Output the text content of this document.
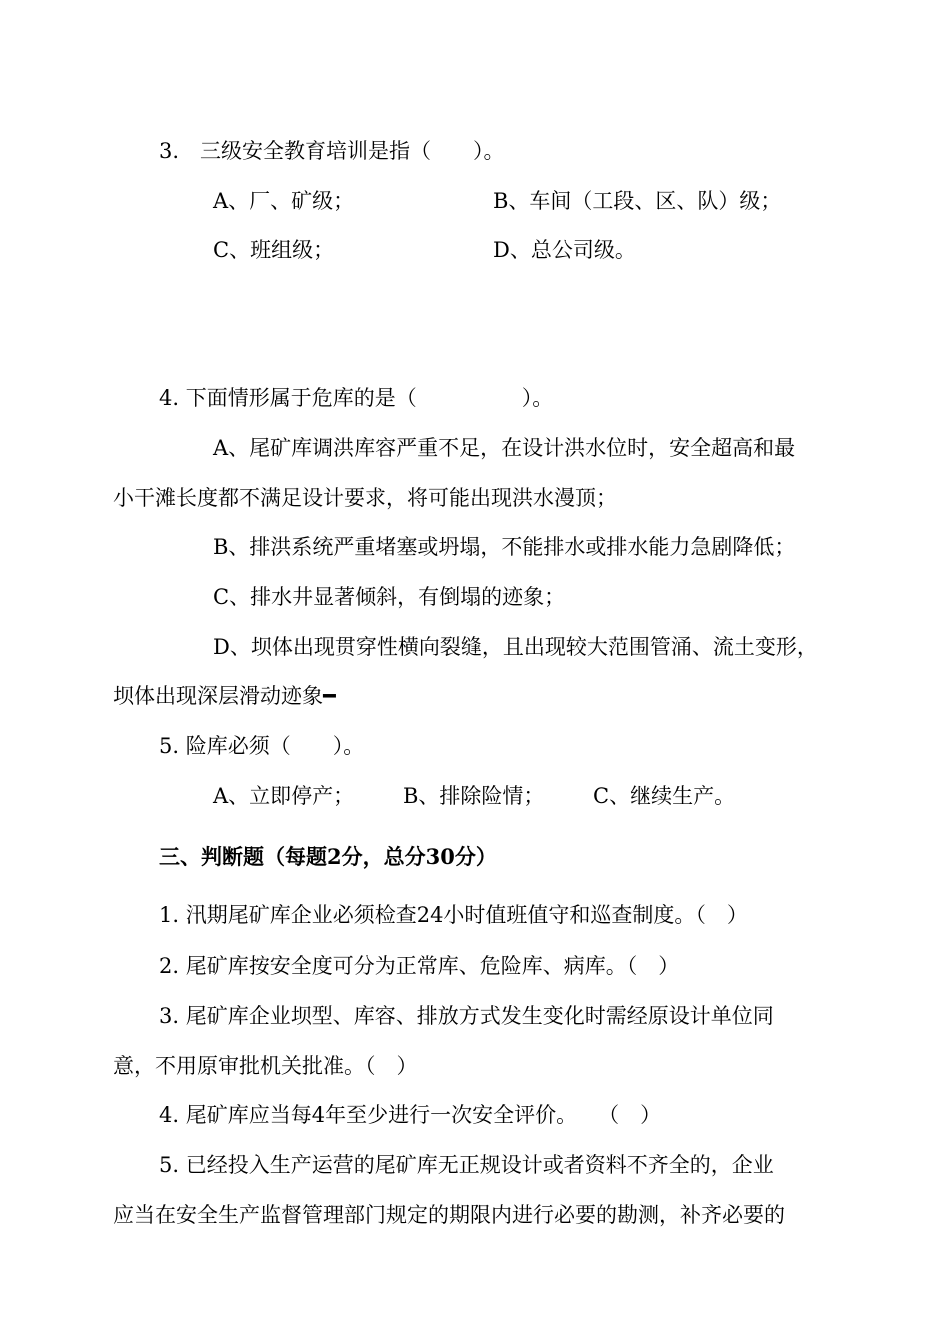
3.　三级安全教育培训是指（　　）。

A、厂、矿级；	B、车间（工段、区、队）级；

C、班组级；	D、总公司级。

4. 下面情形属于危库的是（　　　　　）。

A、尾矿库调洪库容严重不足，在设计洪水位时，安全超高和最

小干滩长度都不满足设计要求，将可能出现洪水漫顶；

B、排洪系统严重堵塞或坍塌，不能排水或排水能力急剧降低；

C、排水井显著倾斜，有倒塌的迹象；

D、坝体出现贯穿性横向裂缝，且出现较大范围管涌、流土变形，

坝体出现深层滑动迹象━

5. 险库必须（　　）。

A、立即停产； B、排除险情； C、继续生产。

三、判断题（每题2分，总分30分）

1. 汛期尾矿库企业必须检查24小时值班值守和巡查制度。（　）

2. 尾矿库按安全度可分为正常库、危险库、病库。（　）

3. 尾矿库企业坝型、库容、排放方式发生变化时需经原设计单位同

意，不用原审批机关批准。（　）

4. 尾矿库应当每4年至少进行一次安全评价。　　（　）

5. 已经投入生产运营的尾矿库无正规设计或者资料不齐全的，企业

应当在安全生产监督管理部门规定的期限内进行必要的勘测，补齐必要的
